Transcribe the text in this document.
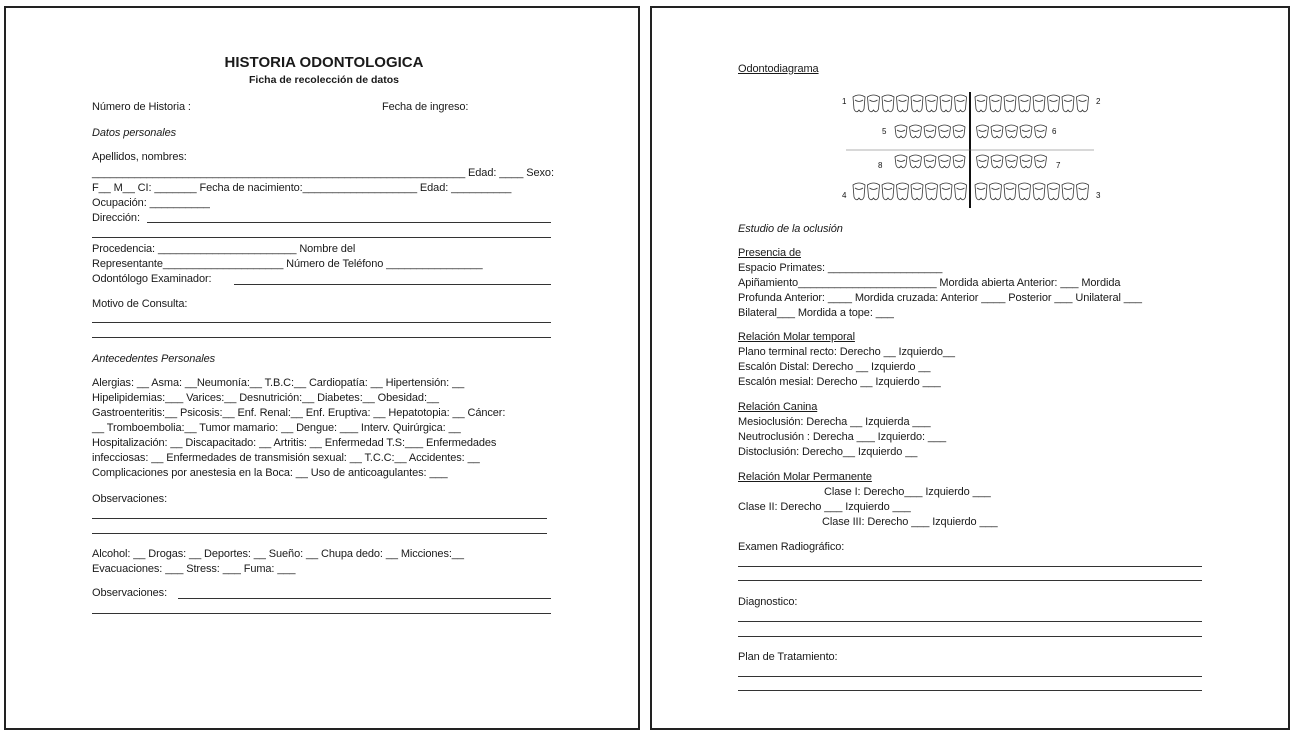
HISTORIA ODONTOLOGICA
Ficha de recolección de datos
Número de Historia :	Fecha de ingreso:
Datos personales
Apellidos, nombres:
______________________________________________________________ Edad: ____ Sexo:
F__ M__ CI: _______ Fecha de nacimiento:___________________ Edad: __________
Ocupación: __________
Dirección:
Procedencia: _______________________ Nombre del
Representante____________________ Número de Teléfono ________________
Odontólogo Examinador:
Motivo de Consulta:
Antecedentes Personales
Alergias: __ Asma: __Neumonía:__ T.B.C:__ Cardiopatía: __ Hipertensión: __
Hipelipidemias:___ Varices:__ Desnutrición:__ Diabetes:__ Obesidad:__
Gastroenteritis:__ Psicosis:__ Enf. Renal:__ Enf. Eruptiva: __ Hepatotopia: __ Cáncer:
__ Tromboembolia:__ Tumor mamario: __ Dengue: ___ Interv. Quirúrgica: __
Hospitalización: __ Discapacitado: __ Artritis: __ Enfermedad T.S:___ Enfermedades
infecciosas: __ Enfermedades de transmisión sexual: __ T.C.C:__ Accidentes: __
Complicaciones por anestesia en la Boca: __ Uso de anticoagulantes: ___
Observaciones:
Alcohol: __ Drogas: __ Deportes: __ Sueño: __ Chupa dedo: __ Micciones:__
Evacuaciones: ___ Stress: ___ Fuma: ___
Observaciones:
Odontodiagrama
1	2
5	6
8	7
4	3
Estudio de la oclusión
Presencia de
Espacio Primates: ___________________
Apiñamiento_______________________ Mordida abierta Anterior: ___ Mordida
Profunda Anterior: ____ Mordida cruzada: Anterior ____ Posterior ___ Unilateral ___
Bilateral___ Mordida a tope: ___
Relación Molar temporal
Plano terminal recto: Derecho __ Izquierdo__
Escalón Distal: Derecho __ Izquierdo __
Escalón mesial: Derecho __ Izquierdo ___
Relación Canina
Mesioclusión: Derecha __ Izquierda ___
Neutroclusión : Derecha ___ Izquierdo: ___
Distoclusión: Derecho__ Izquierdo __
Relación Molar Permanente
Clase I: Derecho___ Izquierdo ___
Clase II: Derecho ___ Izquierdo ___
Clase III: Derecho ___ Izquierdo ___
Examen Radiográfico:
Diagnostico:
Plan de Tratamiento:
